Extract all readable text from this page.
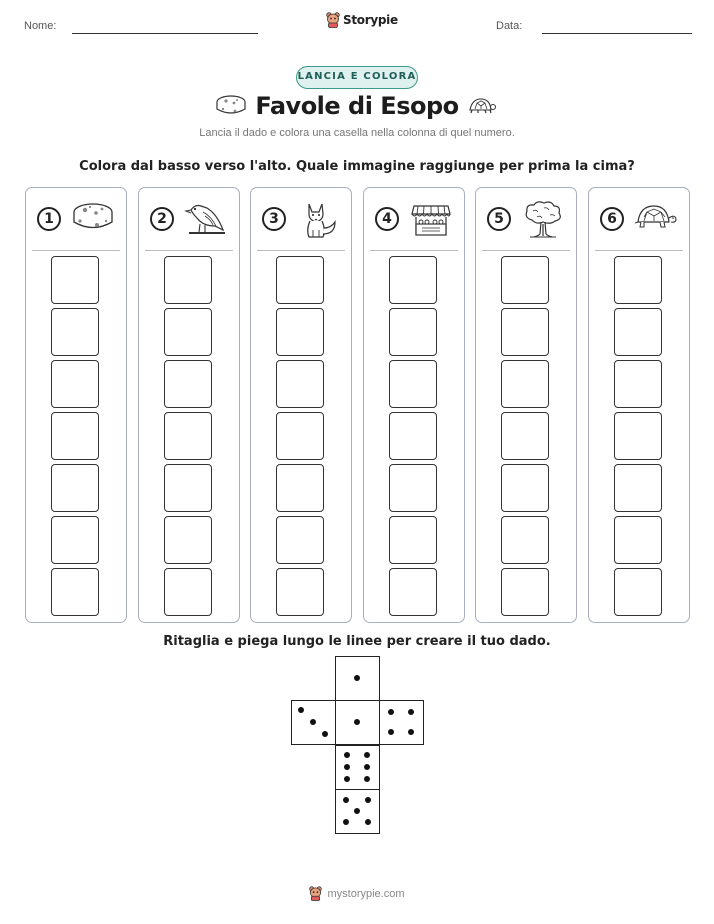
Nome:	Storypie	Data:
LANCIA E COLORA
Favole di Esopo
Lancia il dado e colora una casella nella colonna di quel numero.
Colora dal basso verso l'alto. Quale immagine raggiunge per prima la cima?
1	2	3	4	5	6
Ritaglia e piega lungo le linee per creare il tuo dado.
mystorypie.com
